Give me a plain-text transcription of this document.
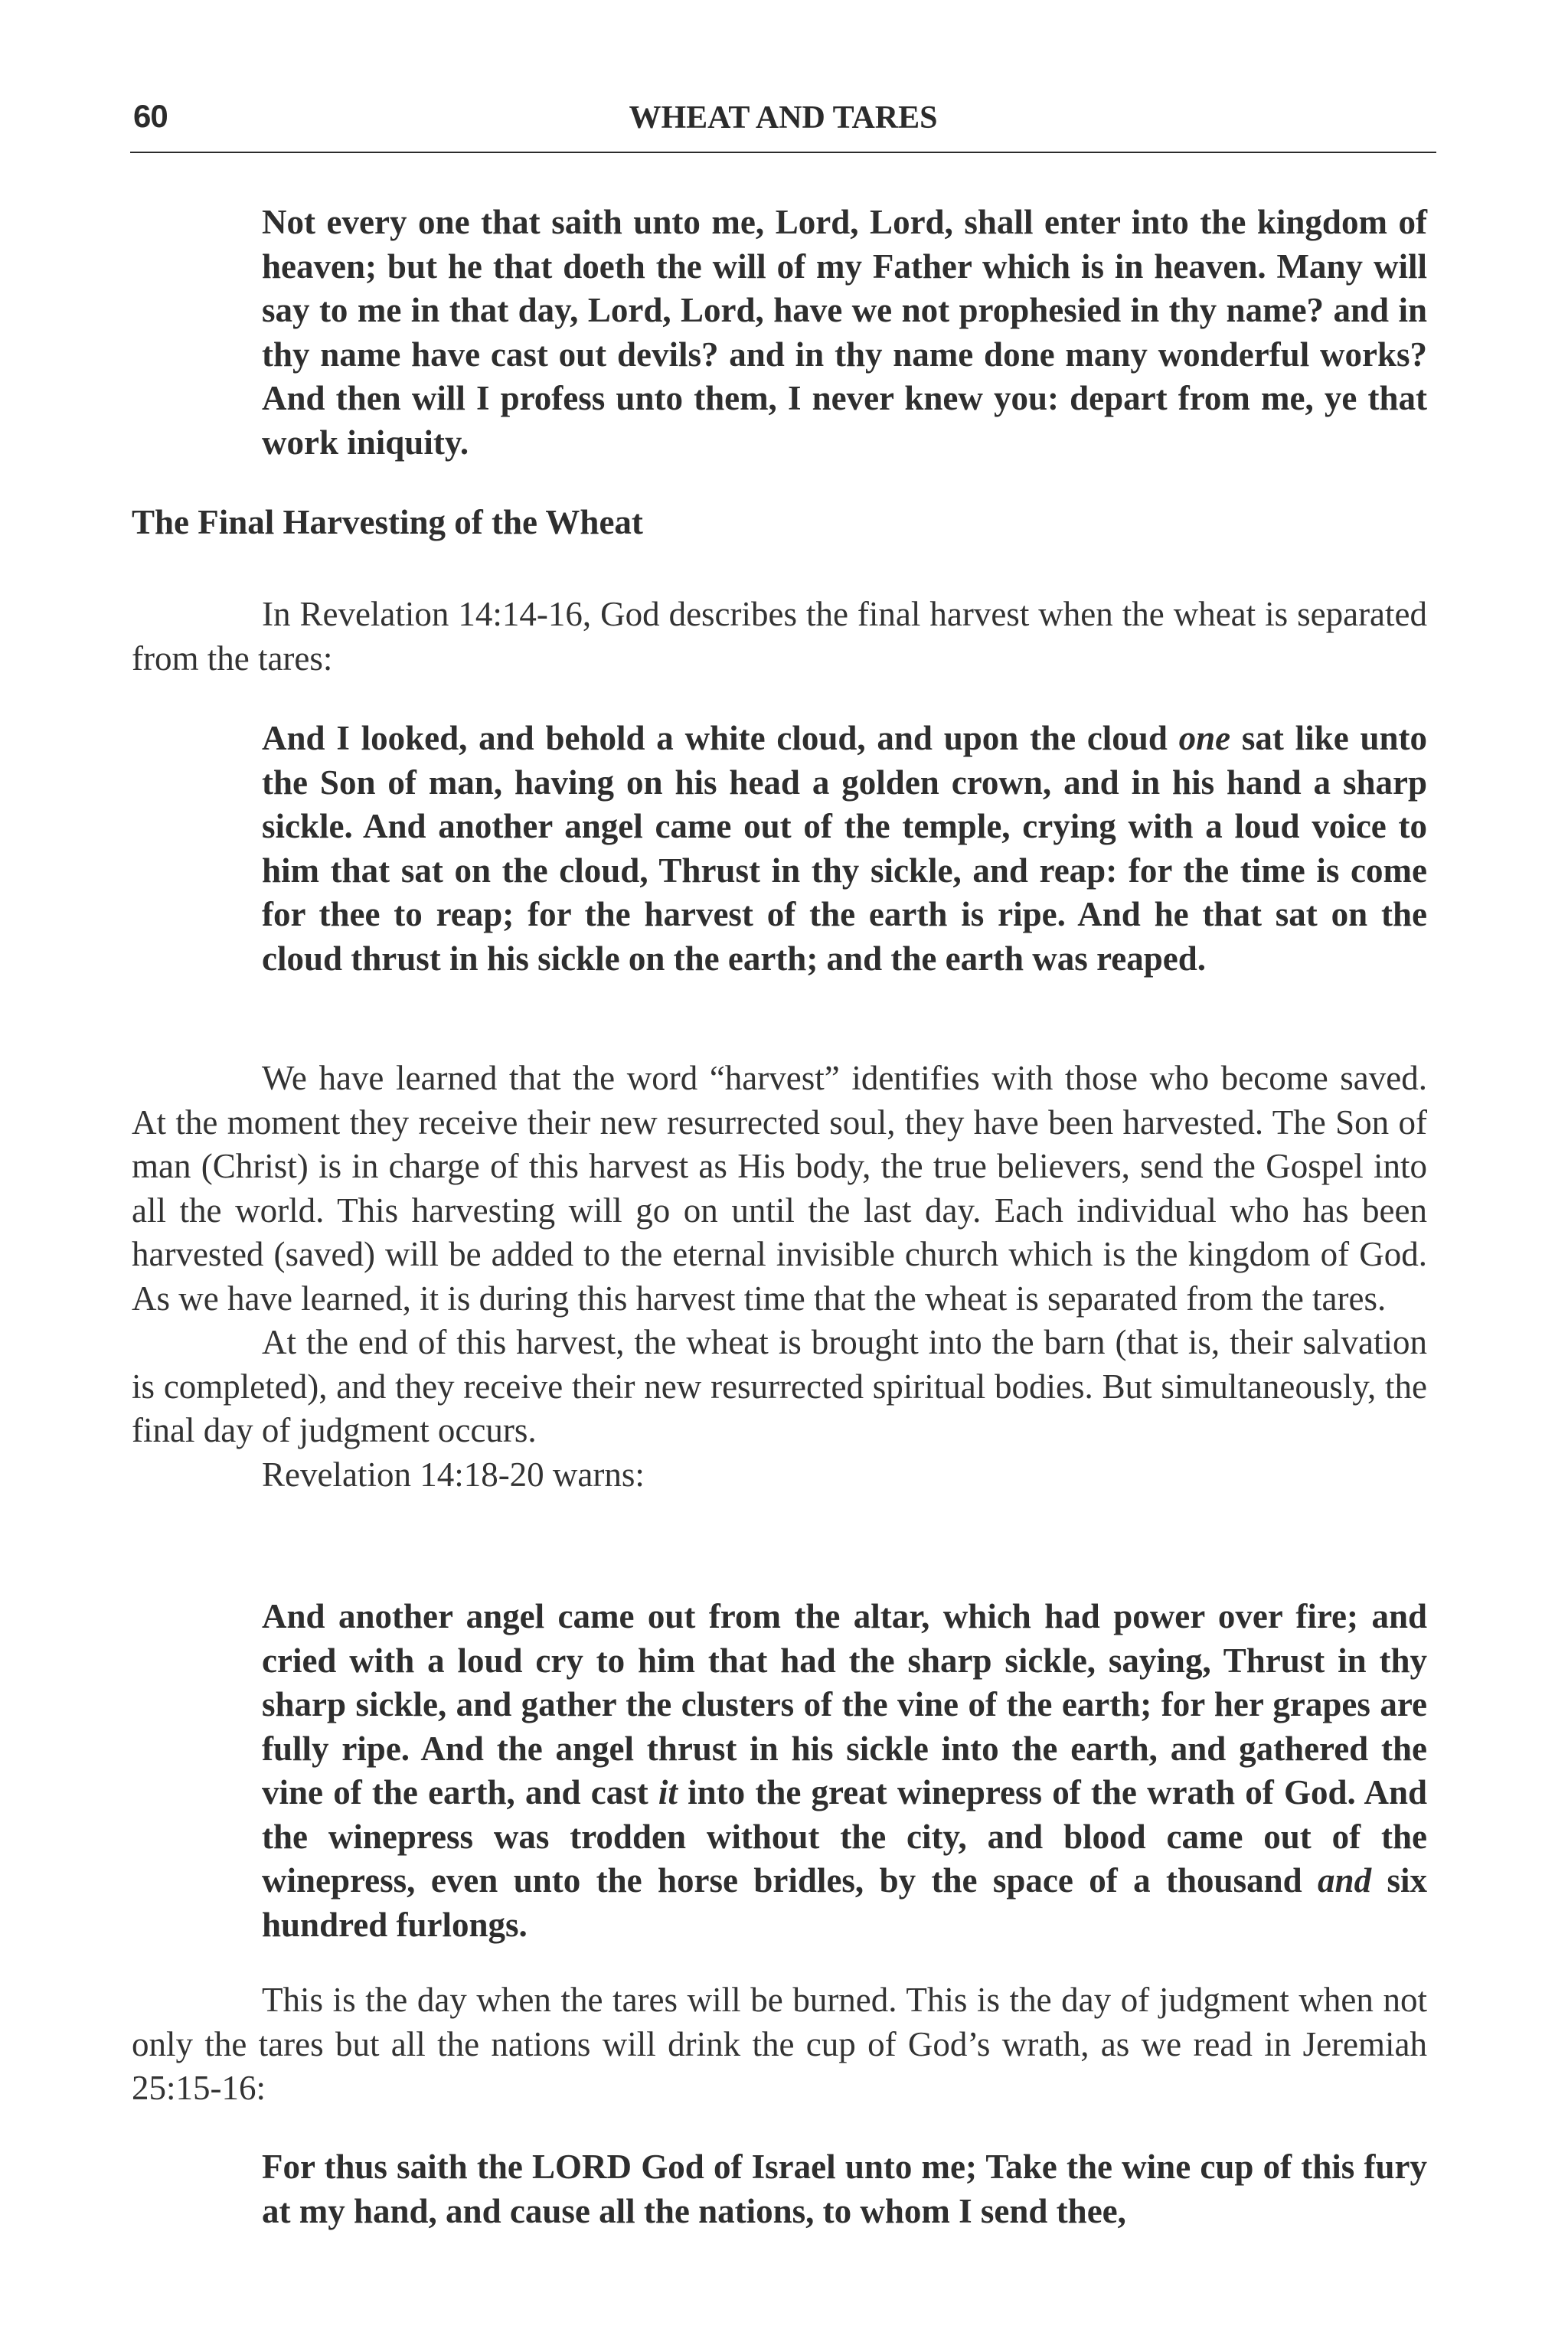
60	WHEAT AND TARES

Not every one that saith unto me, Lord, Lord, shall enter into the kingdom of heaven; but he that doeth the will of my Father which is in heaven. Many will say to me in that day, Lord, Lord, have we not prophesied in thy name? and in thy name have cast out devils? and in thy name done many wonderful works? And then will I profess unto them, I never knew you: depart from me, ye that work iniquity.

The Final Harvesting of the Wheat

In Revelation 14:14-16, God describes the final harvest when the wheat is separated from the tares:

And I looked, and behold a white cloud, and upon the cloud one sat like unto the Son of man, having on his head a golden crown, and in his hand a sharp sickle. And another angel came out of the temple, crying with a loud voice to him that sat on the cloud, Thrust in thy sickle, and reap: for the time is come for thee to reap; for the harvest of the earth is ripe. And he that sat on the cloud thrust in his sickle on the earth; and the earth was reaped.

We have learned that the word “harvest” identifies with those who become saved. At the moment they receive their new resurrected soul, they have been harvested. The Son of man (Christ) is in charge of this harvest as His body, the true believers, send the Gospel into all the world. This harvesting will go on until the last day. Each individual who has been harvested (saved) will be added to the eternal invisible church which is the kingdom of God. As we have learned, it is during this harvest time that the wheat is separated from the tares.

At the end of this harvest, the wheat is brought into the barn (that is, their salvation is completed), and they receive their new resurrected spiritual bodies. But simultaneously, the final day of judgment occurs.

Revelation 14:18-20 warns:

And another angel came out from the altar, which had power over fire; and cried with a loud cry to him that had the sharp sickle, saying, Thrust in thy sharp sickle, and gather the clusters of the vine of the earth; for her grapes are fully ripe. And the angel thrust in his sickle into the earth, and gathered the vine of the earth, and cast it into the great winepress of the wrath of God. And the winepress was trodden without the city, and blood came out of the winepress, even unto the horse bridles, by the space of a thousand and six hundred furlongs.

This is the day when the tares will be burned. This is the day of judgment when not only the tares but all the nations will drink the cup of God’s wrath, as we read in Jeremiah 25:15-16:

For thus saith the LORD God of Israel unto me; Take the wine cup of this fury at my hand, and cause all the nations, to whom I send thee,
